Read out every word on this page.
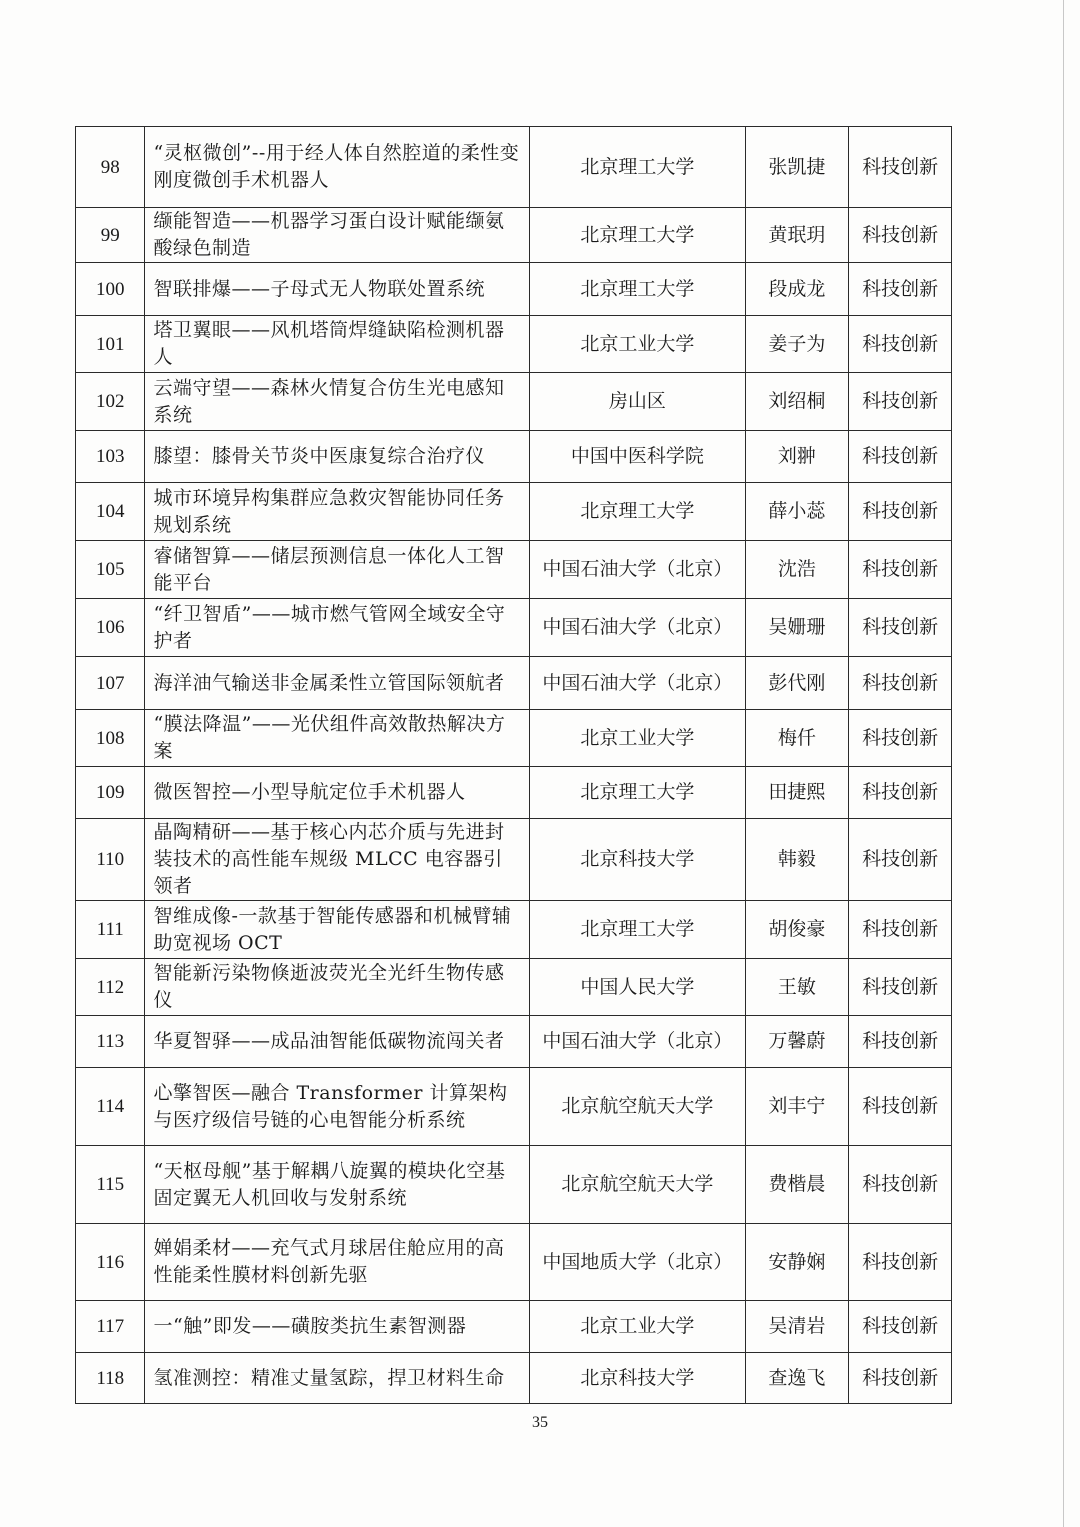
98	“灵枢微创”--用于经人体自然腔道的柔性变刚度微创手术机器人	北京理工大学	张凯捷	科技创新
99	缬能智造——机器学习蛋白设计赋能缬氨酸绿色制造	北京理工大学	黄珉玥	科技创新
100	智联排爆——子母式无人物联处置系统	北京理工大学	段成龙	科技创新
101	塔卫翼眼——风机塔筒焊缝缺陷检测机器人	北京工业大学	姜子为	科技创新
102	云端守望——森林火情复合仿生光电感知系统	房山区	刘绍桐	科技创新
103	膝望：膝骨关节炎中医康复综合治疗仪	中国中医科学院	刘翀	科技创新
104	城市环境异构集群应急救灾智能协同任务规划系统	北京理工大学	薛小蕊	科技创新
105	睿储智算——储层预测信息一体化人工智能平台	中国石油大学（北京）	沈浩	科技创新
106	“纤卫智盾”——城市燃气管网全域安全守护者	中国石油大学（北京）	吴姗珊	科技创新
107	海洋油气输送非金属柔性立管国际领航者	中国石油大学（北京）	彭代刚	科技创新
108	“膜法降温”——光伏组件高效散热解决方案	北京工业大学	梅仟	科技创新
109	微医智控—小型导航定位手术机器人	北京理工大学	田捷熙	科技创新
110	晶陶精研——基于核心内芯介质与先进封装技术的高性能车规级 MLCC 电容器引领者	北京科技大学	韩毅	科技创新
111	智维成像-一款基于智能传感器和机械臂辅助宽视场 OCT	北京理工大学	胡俊豪	科技创新
112	智能新污染物倏逝波荧光全光纤生物传感仪	中国人民大学	王敏	科技创新
113	华夏智驿——成品油智能低碳物流闯关者	中国石油大学（北京）	万馨蔚	科技创新
114	心擎智医—融合 Transformer 计算架构与医疗级信号链的心电智能分析系统	北京航空航天大学	刘丰宁	科技创新
115	“天枢母舰”基于解耦八旋翼的模块化空基固定翼无人机回收与发射系统	北京航空航天大学	费楷晨	科技创新
116	婵娟柔材——充气式月球居住舱应用的高性能柔性膜材料创新先驱	中国地质大学（北京）	安静娴	科技创新
117	一“触”即发——磺胺类抗生素智测器	北京工业大学	吴清岩	科技创新
118	氢准测控：精准丈量氢踪，捍卫材料生命	北京科技大学	查逸飞	科技创新
35
